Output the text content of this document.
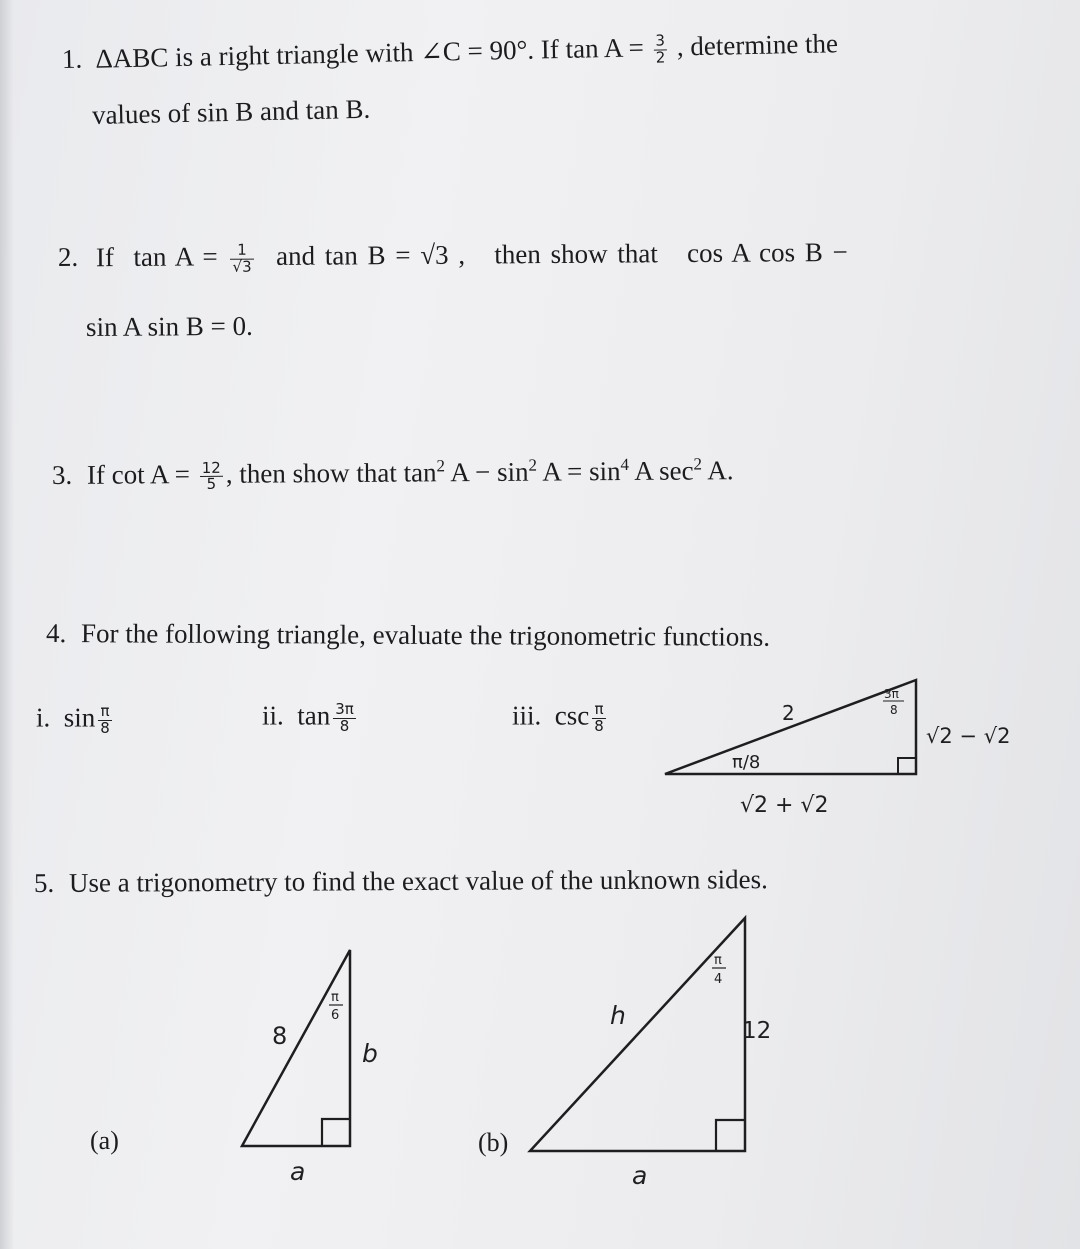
1. ΔABC is a right triangle with ∠C = 90°. If $\tan A = \frac{3}{2}$ , determine the
values of sin B and tan B.
2. If $\tan A = \frac{1}{√3}$ and tan B = √3 , then show that cos A cos B −
sin A sin B = 0.
3. If $\cot A = \frac{12}{5}$ , then show that $\tan^2 A - \sin^2 A = \sin^4 A$ $\sec^2 A$.
4. For the following triangle, evaluate the trigonometric functions.
i. $\sin \frac{\pi}{8}$	ii. $\tan \frac{3\pi}{8}$	iii. $\csc \frac{\pi}{8}$	2
π/8
3π
8
√2 − √2
√2 + √2
5. Use a trigonometry to find the exact value of the unknown sides.
8
π
6
b
a
h
π
4
12
a
(a)	(b)
